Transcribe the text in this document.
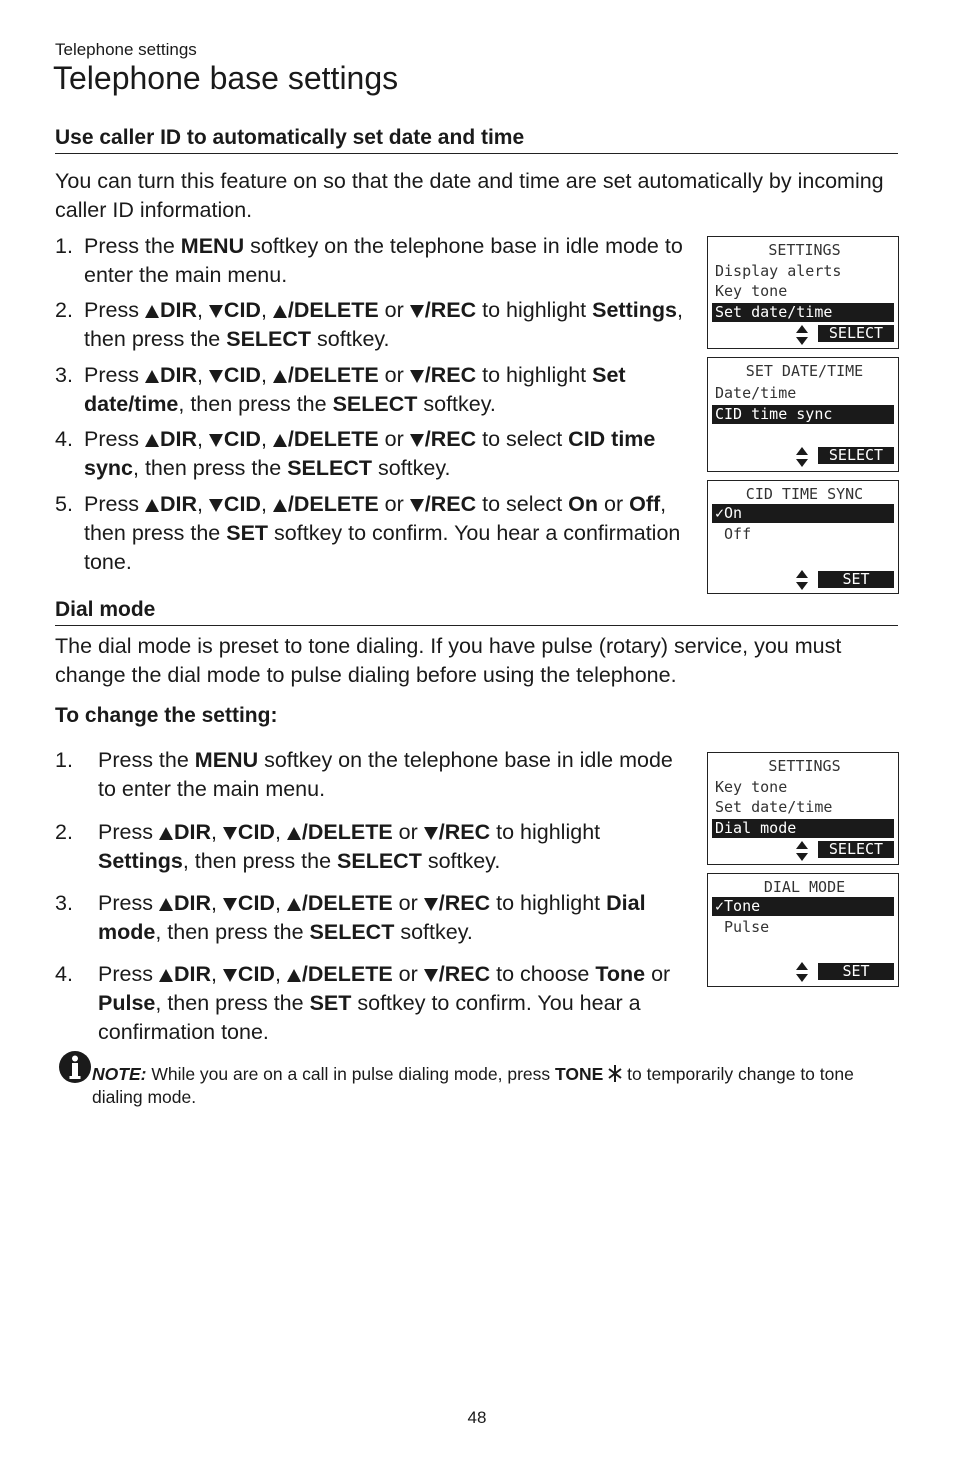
Telephone settings
Telephone base settings
Use caller ID to automatically set date and time
You can turn this feature on so that the date and time are set automatically by incoming caller ID information.
1. Press the MENU softkey on the telephone base in idle mode to enter the main menu.
2. Press DIR, CID, /DELETE or /REC to highlight Settings, then press the SELECT softkey.
3. Press DIR, CID, /DELETE or /REC to highlight Set date/time, then press the SELECT softkey.
4. Press DIR, CID, /DELETE or /REC to select CID time sync, then press the SELECT softkey.
5. Press DIR, CID, /DELETE or /REC to select On or Off, then press the SET softkey to confirm. You hear a confirmation tone.
SETTINGS
Display alerts
Key tone
Set date/time
SELECT
SET DATE/TIME
Date/time
CID time sync
SELECT
CID TIME SYNC
✓On
Off
SET
Dial mode
The dial mode is preset to tone dialing. If you have pulse (rotary) service, you must change the dial mode to pulse dialing before using the telephone.
To change the setting:
1. Press the MENU softkey on the telephone base in idle mode to enter the main menu.
2. Press DIR, CID, /DELETE or /REC to highlight Settings, then press the SELECT softkey.
3. Press DIR, CID, /DELETE or /REC to highlight Dial mode, then press the SELECT softkey.
4. Press DIR, CID, /DELETE or /REC to choose Tone or Pulse, then press the SET softkey to confirm. You hear a confirmation tone.
SETTINGS
Key tone
Set date/time
Dial mode
SELECT
DIAL MODE
✓Tone
Pulse
SET
NOTE: While you are on a call in pulse dialing mode, press TONE to temporarily change to tone dialing mode.
48
